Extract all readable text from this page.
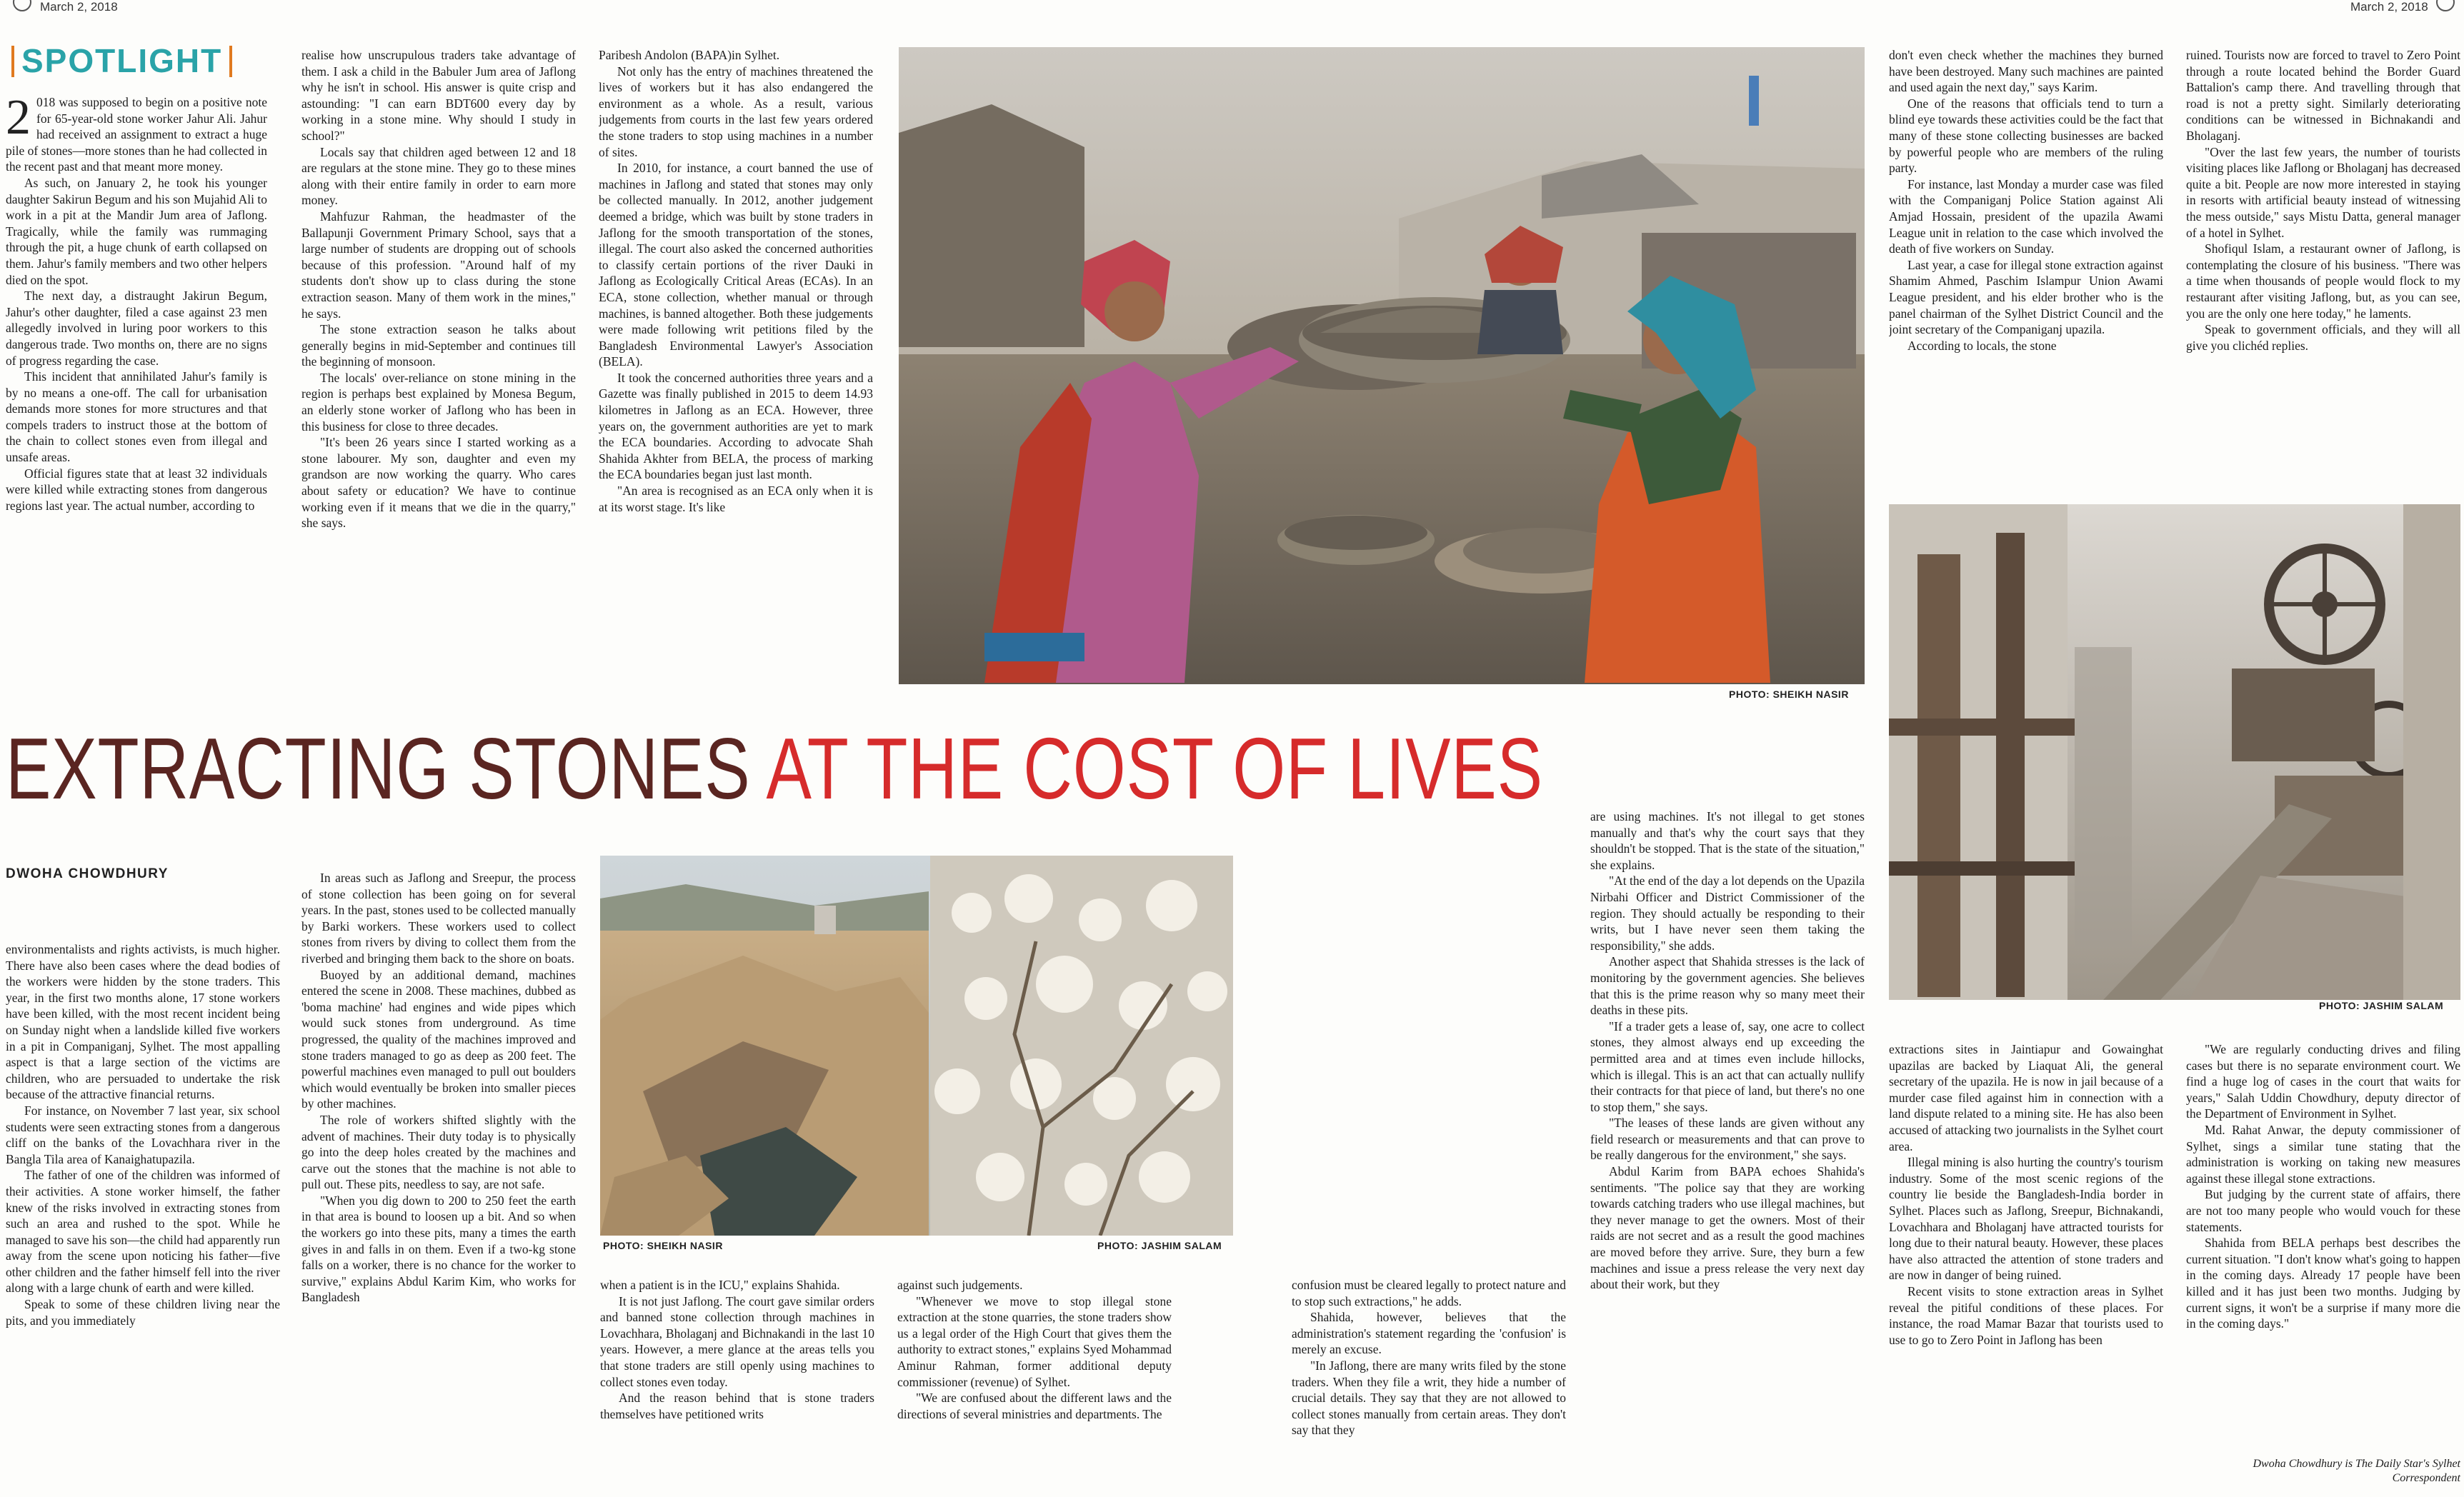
March 2, 2018	March 2, 2018
SPOTLIGHT

2 018 was supposed to begin on a positive note for 65-year-old stone worker Jahur Ali. Jahur had received an assignment to extract a huge pile of stones—more stones than he had collected in the recent past and that meant more money.

As such, on January 2, he took his younger daughter Sakirun Begum and his son Mujahid Ali to work in a pit at the Mandir Jum area of Jaflong. Tragically, while the family was rummaging through the pit, a huge chunk of earth collapsed on them. Jahur's family members and two other helpers died on the spot.

The next day, a distraught Jakirun Begum, Jahur's other daughter, filed a case against 23 men allegedly involved in luring poor workers to this dangerous trade. Two months on, there are no signs of progress regarding the case.

This incident that annihilated Jahur's family is by no means a one-off. The call for urbanisation demands more stones for more structures and that compels traders to instruct those at the bottom of the chain to collect stones even from illegal and unsafe areas.

Official figures state that at least 32 individuals were killed while extracting stones from dangerous regions last year. The actual number, according to

realise how unscrupulous traders take advantage of them. I ask a child in the Babuler Jum area of Jaflong why he isn't in school. His answer is quite crisp and astounding: "I can earn BDT600 every day by working in a stone mine. Why should I study in school?"

Locals say that children aged between 12 and 18 are regulars at the stone mine. They go to these mines along with their entire family in order to earn more money.

Mahfuzur Rahman, the headmaster of the Ballapunji Government Primary School, says that a large number of students are dropping out of schools because of this profession. "Around half of my students don't show up to class during the stone extraction season. Many of them work in the mines," he says.

The stone extraction season he talks about generally begins in mid-September and continues till the beginning of monsoon.

The locals' over-reliance on stone mining in the region is perhaps best explained by Monesa Begum, an elderly stone worker of Jaflong who has been in this business for close to three decades.

"It's been 26 years since I started working as a stone labourer. My son, daughter and even my grandson are now working the quarry. Who cares about safety or education? We have to continue working even if it means that we die in the quarry," she says.

Paribesh Andolon (BAPA)in Sylhet.

Not only has the entry of machines threatened the lives of workers but it has also endangered the environment as a whole. As a result, various judgements from courts in the last few years ordered the stone traders to stop using machines in a number of sites.

In 2010, for instance, a court banned the use of machines in Jaflong and stated that stones may only be collected manually. In 2012, another judgement deemed a bridge, which was built by stone traders in Jaflong for the smooth transportation of the stones, illegal. The court also asked the concerned authorities to classify certain portions of the river Dauki in Jaflong as Ecologically Critical Areas (ECAs). In an ECA, stone collection, whether manual or through machines, is banned altogether. Both these judgements were made following writ petitions filed by the Bangladesh Environmental Lawyer's Association (BELA).

It took the concerned authorities three years and a Gazette was finally published in 2015 to deem 14.93 kilometres in Jaflong as an ECA. However, three years on, the government authorities are yet to mark the ECA boundaries. According to advocate Shah Shahida Akhter from BELA, the process of marking the ECA boundaries began just last month.

"An area is recognised as an ECA only when it is at its worst stage. It's like

PHOTO: SHEIKH NASIR

don't even check whether the machines they burned have been destroyed. Many such machines are painted and used again the next day," says Karim.

One of the reasons that officials tend to turn a blind eye towards these activities could be the fact that many of these stone collecting businesses are backed by powerful people who are members of the ruling party.

For instance, last Monday a murder case was filed with the Companiganj Police Station against Ali Amjad Hossain, president of the upazila Awami League unit in relation to the case which involved the death of five workers on Sunday.

Last year, a case for illegal stone extraction against Shamim Ahmed, Paschim Islampur Union Awami League president, and his elder brother who is the panel chairman of the Sylhet District Council and the joint secretary of the Companiganj upazila.

According to locals, the stone

ruined. Tourists now are forced to travel to Zero Point through a route located behind the Border Guard Battalion's camp there. And travelling through that road is not a pretty sight. Similarly deteriorating conditions can be witnessed in Bichnakandi and Bholaganj.

"Over the last few years, the number of tourists visiting places like Jaflong or Bholaganj has decreased quite a bit. People are now more interested in staying in resorts with artificial beauty instead of witnessing the mess outside," says Mistu Datta, general manager of a hotel in Sylhet.

Shofiqul Islam, a restaurant owner of Jaflong, is contemplating the closure of his business. "There was a time when thousands of people would flock to my restaurant after visiting Jaflong, but, as you can see, you are the only one here today," he laments.

Speak to government officials, and they will all give you clichéd replies.

PHOTO: JASHIM SALAM
EXTRACTING STONES AT THE COST OF LIVES
DWOHA CHOWDHURY

environmentalists and rights activists, is much higher. There have also been cases where the dead bodies of the workers were hidden by the stone traders. This year, in the first two months alone, 17 stone workers have been killed, with the most recent incident being on Sunday night when a landslide killed five workers in a pit in Companiganj, Sylhet. The most appalling aspect is that a large section of the victims are children, who are persuaded to undertake the risk because of the attractive financial returns.

For instance, on November 7 last year, six school students were seen extracting stones from a dangerous cliff on the banks of the Lovachhara river in the Bangla Tila area of Kanaighatupazila.

The father of one of the children was informed of their activities. A stone worker himself, the father knew of the risks involved in extracting stones from such an area and rushed to the spot. While he managed to save his son—the child had apparently run away from the scene upon noticing his father—five other children and the father himself fell into the river along with a large chunk of earth and were killed.

Speak to some of these children living near the pits, and you immediately

In areas such as Jaflong and Sreepur, the process of stone collection has been going on for several years. In the past, stones used to be collected manually by Barki workers. These workers used to collect stones from rivers by diving to collect them from the riverbed and bringing them back to the shore on boats.

Buoyed by an additional demand, machines entered the scene in 2008. These machines, dubbed as 'boma machine' had engines and wide pipes which would suck stones from underground. As time progressed, the quality of the machines improved and stone traders managed to go as deep as 200 feet. The powerful machines even managed to pull out boulders which would eventually be broken into smaller pieces by other machines.

The role of workers shifted slightly with the advent of machines. Their duty today is to physically go into the deep holes created by the machines and carve out the stones that the machine is not able to pull out. These pits, needless to say, are not safe.

"When you dig down to 200 to 250 feet the earth in that area is bound to loosen up a bit. And so when the workers go into these pits, many a times the earth gives in and falls in on them. Even if a two-kg stone falls on a worker, there is no chance for the worker to survive," explains Abdul Karim Kim, who works for Bangladesh

PHOTO: SHEIKH NASIR	PHOTO: JASHIM SALAM

when a patient is in the ICU," explains Shahida.

It is not just Jaflong. The court gave similar orders and banned stone collection through machines in Lovachhara, Bholaganj and Bichnakandi in the last 10 years. However, a mere glance at the areas tells you that stone traders are still openly using machines to collect stones even today.

And the reason behind that is stone traders themselves have petitioned writs

against such judgements.

"Whenever we move to stop illegal stone extraction at the stone quarries, the stone traders show us a legal order of the High Court that gives them the authority to extract stones," explains Syed Mohammad Aminur Rahman, former additional deputy commissioner (revenue) of Sylhet.

"We are confused about the different laws and the directions of several ministries and departments. The

confusion must be cleared legally to protect nature and to stop such extractions," he adds.

Shahida, however, believes that the administration's statement regarding the 'confusion' is merely an excuse.

"In Jaflong, there are many writs filed by the stone traders. When they file a writ, they hide a number of crucial details. They say that they are not allowed to collect stones manually from certain areas. They don't say that they

are using machines. It's not illegal to get stones manually and that's why the court says that they shouldn't be stopped. That is the state of the situation," she explains.

"At the end of the day a lot depends on the Upazila Nirbahi Officer and District Commissioner of the region. They should actually be responding to their writs, but I have never seen them taking the responsibility," she adds.

Another aspect that Shahida stresses is the lack of monitoring by the government agencies. She believes that this is the prime reason why so many meet their deaths in these pits.

"If a trader gets a lease of, say, one acre to collect stones, they almost always end up exceeding the permitted area and at times even include hillocks, which is illegal. This is an act that can actually nullify their contracts for that piece of land, but there's no one to stop them," she says.

"The leases of these lands are given without any field research or measurements and that can prove to be really dangerous for the environment," she says.

Abdul Karim from BAPA echoes Shahida's sentiments. "The police say that they are working towards catching traders who use illegal machines, but they never manage to get the owners. Most of their raids are not secret and as a result the good machines are moved before they arrive. Sure, they burn a few machines and issue a press release the very next day about their work, but they

extractions sites in Jaintiapur and Gowainghat upazilas are backed by Liaquat Ali, the general secretary of the upazila. He is now in jail because of a murder case filed against him in connection with a land dispute related to a mining site. He has also been accused of attacking two journalists in the Sylhet court area.

Illegal mining is also hurting the country's tourism industry. Some of the most scenic regions of the country lie beside the Bangladesh-India border in Sylhet. Places such as Jaflong, Sreepur, Bichnakandi, Lovachhara and Bholaganj have attracted tourists for long due to their natural beauty. However, these places have also attracted the attention of stone traders and are now in danger of being ruined.

Recent visits to stone extraction areas in Sylhet reveal the pitiful conditions of these places. For instance, the road Mamar Bazar that tourists used to use to go to Zero Point in Jaflong has been

"We are regularly conducting drives and filing cases but there is no separate environment court. We find a huge log of cases in the court that waits for years," Salah Uddin Chowdhury, deputy director of the Department of Environment in Sylhet.

Md. Rahat Anwar, the deputy commissioner of Sylhet, sings a similar tune stating that the administration is working on taking new measures against these illegal stone extractions.

But judging by the current state of affairs, there are not too many people who would vouch for these statements.

Shahida from BELA perhaps best describes the current situation. "I don't know what's going to happen in the coming days. Already 17 people have been killed and it has just been two months. Judging by current signs, it won't be a surprise if many more die in the coming days."

Dwoha Chowdhury is The Daily Star's Sylhet
Correspondent
